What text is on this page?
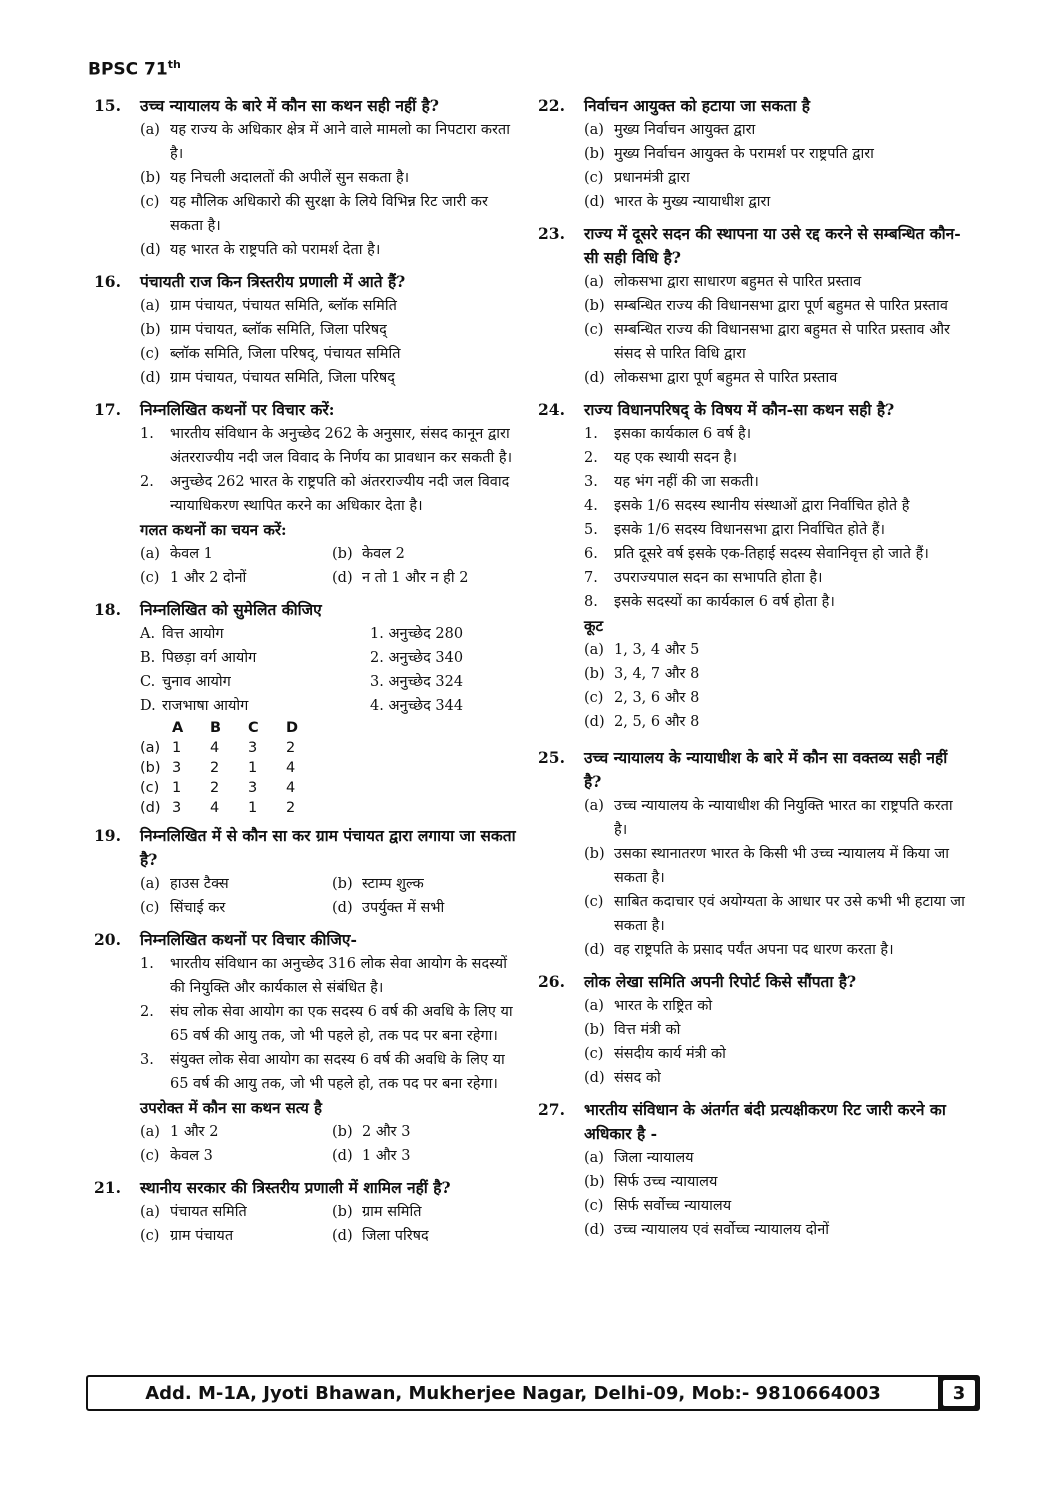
BPSC 71th
15.	उच्च न्यायालय के बारे में कौन सा कथन सही नहीं है?
(a) यह राज्य के अधिकार क्षेत्र में आने वाले मामलो का निपटारा करता है।
(b) यह निचली अदालतों की अपीलें सुन सकता है।
(c) यह मौलिक अधिकारो की सुरक्षा के लिये विभिन्न रिट जारी कर सकता है।
(d) यह भारत के राष्ट्रपति को परामर्श देता है।
16.	पंचायती राज किन त्रिस्तरीय प्रणाली में आते हैं?
(a) ग्राम पंचायत, पंचायत समिति, ब्लॉक समिति
(b) ग्राम पंचायत, ब्लॉक समिति, जिला परिषद्
(c) ब्लॉक समिति, जिला परिषद्, पंचायत समिति
(d) ग्राम पंचायत, पंचायत समिति, जिला परिषद्
17.	निम्नलिखित कथनों पर विचार करें:
1.	भारतीय संविधान के अनुच्छेद 262 के अनुसार, संसद कानून द्वारा अंतरराज्यीय नदी जल विवाद के निर्णय का प्रावधान कर सकती है।
2.	अनुच्छेद 262 भारत के राष्ट्रपति को अंतरराज्यीय नदी जल विवाद न्यायाधिकरण स्थापित करने का अधिकार देता है।
गलत कथनों का चयन करें:
(a) केवल 1	(b) केवल 2
(c) 1 और 2 दोनों	(d) न तो 1 और न ही 2
18.	निम्नलिखित को सुमेलित कीजिए
A. वित्त आयोग	1. अनुच्छेद 280
B. पिछड़ा वर्ग आयोग	2. अनुच्छेद 340
C. चुनाव आयोग	3. अनुच्छेद 324
D. राजभाषा आयोग	4. अनुच्छेद 344
	A	B	C	D
(a)	1	4	3	2
(b)	3	2	1	4
(c)	1	2	3	4
(d)	3	4	1	2
19.	निम्नलिखित में से कौन सा कर ग्राम पंचायत द्वारा लगाया जा सकता है?
(a) हाउस टैक्स	(b) स्टाम्प शुल्क
(c) सिंचाई कर	(d) उपर्युक्त में सभी
20.	निम्नलिखित कथनों पर विचार कीजिए-
1.	भारतीय संविधान का अनुच्छेद 316 लोक सेवा आयोग के सदस्यों की नियुक्ति और कार्यकाल से संबंधित है।
2.	संघ लोक सेवा आयोग का एक सदस्य 6 वर्ष की अवधि के लिए या 65 वर्ष की आयु तक, जो भी पहले हो, तक पद पर बना रहेगा।
3.	संयुक्त लोक सेवा आयोग का सदस्य 6 वर्ष की अवधि के लिए या 65 वर्ष की आयु तक, जो भी पहले हो, तक पद पर बना रहेगा।
उपरोक्त में कौन सा कथन सत्य है
(a) 1 और 2	(b) 2 और 3
(c) केवल 3	(d) 1 और 3
21.	स्थानीय सरकार की त्रिस्तरीय प्रणाली में शामिल नहीं है?
(a) पंचायत समिति	(b) ग्राम समिति
(c) ग्राम पंचायत	(d) जिला परिषद
22.	निर्वाचन आयुक्त को हटाया जा सकता है
(a) मुख्य निर्वाचन आयुक्त द्वारा
(b) मुख्य निर्वाचन आयुक्त के परामर्श पर राष्ट्रपति द्वारा
(c) प्रधानमंत्री द्वारा
(d) भारत के मुख्य न्यायाधीश द्वारा
23.	राज्य में दूसरे सदन की स्थापना या उसे रद्द करने से सम्बन्धित कौन-सी सही विधि है?
(a) लोकसभा द्वारा साधारण बहुमत से पारित प्रस्ताव
(b) सम्बन्धित राज्य की विधानसभा द्वारा पूर्ण बहुमत से पारित प्रस्ताव
(c) सम्बन्धित राज्य की विधानसभा द्वारा बहुमत से पारित प्रस्ताव और संसद से पारित विधि द्वारा
(d) लोकसभा द्वारा पूर्ण बहुमत से पारित प्रस्ताव
24.	राज्य विधानपरिषद् के विषय में कौन-सा कथन सही है?
1.	इसका कार्यकाल 6 वर्ष है।
2.	यह एक स्थायी सदन है।
3.	यह भंग नहीं की जा सकती।
4.	इसके 1/6 सदस्य स्थानीय संस्थाओं द्वारा निर्वाचित होते है
5.	इसके 1/6 सदस्य विधानसभा द्वारा निर्वाचित होते हैं।
6.	प्रति दूसरे वर्ष इसके एक-तिहाई सदस्य सेवानिवृत्त हो जाते हैं।
7.	उपराज्यपाल सदन का सभापति होता है।
8.	इसके सदस्यों का कार्यकाल 6 वर्ष होता है।
कूट
(a) 1, 3, 4 और 5
(b) 3, 4, 7 और 8
(c) 2, 3, 6 और 8
(d) 2, 5, 6 और 8
25.	उच्च न्यायालय के न्यायाधीश के बारे में कौन सा वक्तव्य सही नहीं है?
(a) उच्च न्यायालय के न्यायाधीश की नियुक्ति भारत का राष्ट्रपति करता है।
(b) उसका स्थानातरण भारत के किसी भी उच्च न्यायालय में किया जा सकता है।
(c) साबित कदाचार एवं अयोग्यता के आधार पर उसे कभी भी हटाया जा सकता है।
(d) वह राष्ट्रपति के प्रसाद पर्यंत अपना पद धारण करता है।
26.	लोक लेखा समिति अपनी रिपोर्ट किसे सौंपता है?
(a) भारत के राष्ट्रित को
(b) वित्त मंत्री को
(c) संसदीय कार्य मंत्री को
(d) संसद को
27.	भारतीय संविधान के अंतर्गत बंदी प्रत्यक्षीकरण रिट जारी करने का अधिकार है -
(a) जिला न्यायालय
(b) सिर्फ उच्च न्यायालय
(c) सिर्फ सर्वोच्च न्यायालय
(d) उच्च न्यायालय एवं सर्वोच्च न्यायालय दोनों
Add. M-1A, Jyoti Bhawan, Mukherjee Nagar, Delhi-09, Mob:- 9810664003	3
